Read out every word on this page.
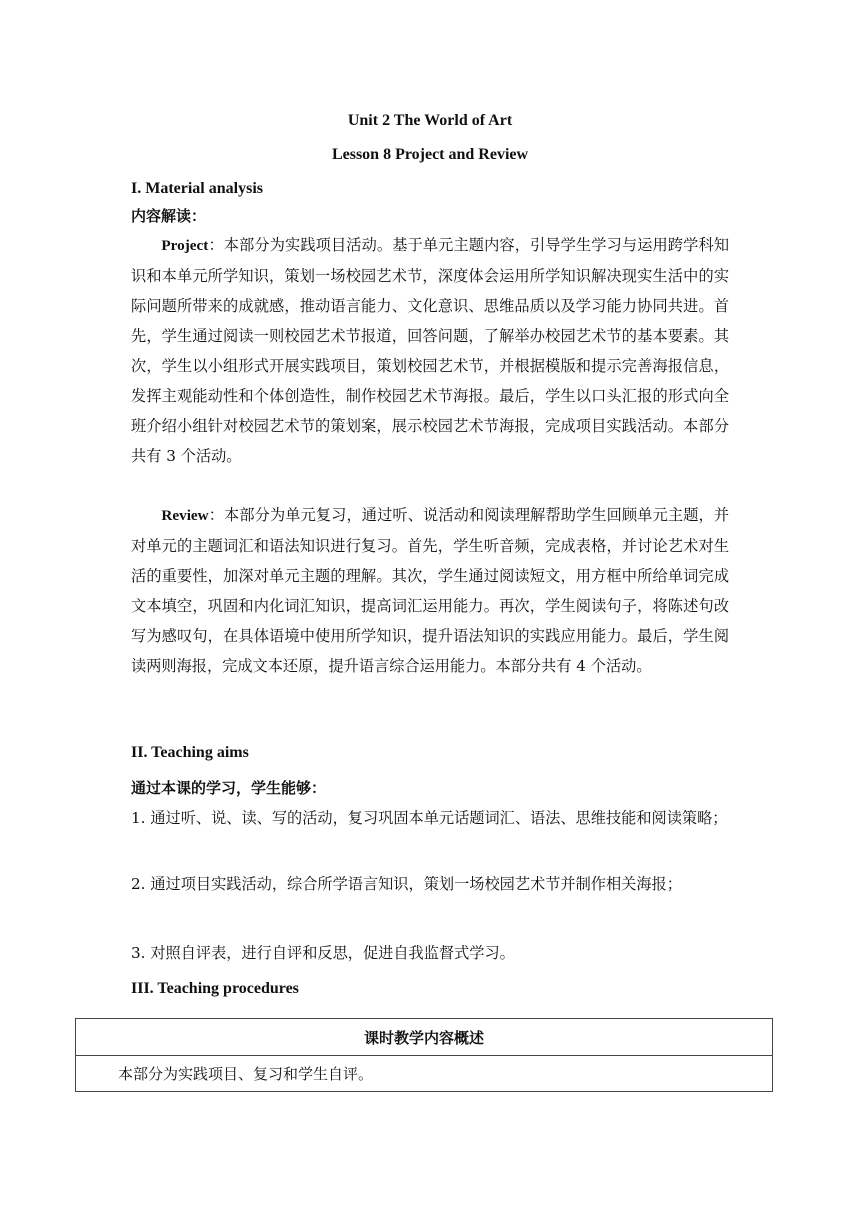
Unit 2 The World of Art
Lesson 8 Project and Review
I. Material analysis
内容解读：
Project：本部分为实践项目活动。基于单元主题内容，引导学生学习与运用跨学科知识和本单元所学知识，策划一场校园艺术节，深度体会运用所学知识解决现实生活中的实际问题所带来的成就感，推动语言能力、文化意识、思维品质以及学习能力协同共进。首先，学生通过阅读一则校园艺术节报道，回答问题，了解举办校园艺术节的基本要素。其次，学生以小组形式开展实践项目，策划校园艺术节，并根据模版和提示完善海报信息，发挥主观能动性和个体创造性，制作校园艺术节海报。最后，学生以口头汇报的形式向全班介绍小组针对校园艺术节的策划案，展示校园艺术节海报，完成项目实践活动。本部分共有 3 个活动。
Review：本部分为单元复习，通过听、说活动和阅读理解帮助学生回顾单元主题，并对单元的主题词汇和语法知识进行复习。首先，学生听音频，完成表格，并讨论艺术对生活的重要性，加深对单元主题的理解。其次，学生通过阅读短文，用方框中所给单词完成文本填空，巩固和内化词汇知识，提高词汇运用能力。再次，学生阅读句子，将陈述句改写为感叹句，在具体语境中使用所学知识，提升语法知识的实践应用能力。最后，学生阅读两则海报，完成文本还原，提升语言综合运用能力。本部分共有 4 个活动。
II. Teaching aims
通过本课的学习，学生能够：
1. 通过听、说、读、写的活动，复习巩固本单元话题词汇、语法、思维技能和阅读策略；
2. 通过项目实践活动，综合所学语言知识，策划一场校园艺术节并制作相关海报；
3. 对照自评表，进行自评和反思，促进自我监督式学习。
III. Teaching procedures
课时教学内容概述
本部分为实践项目、复习和学生自评。
